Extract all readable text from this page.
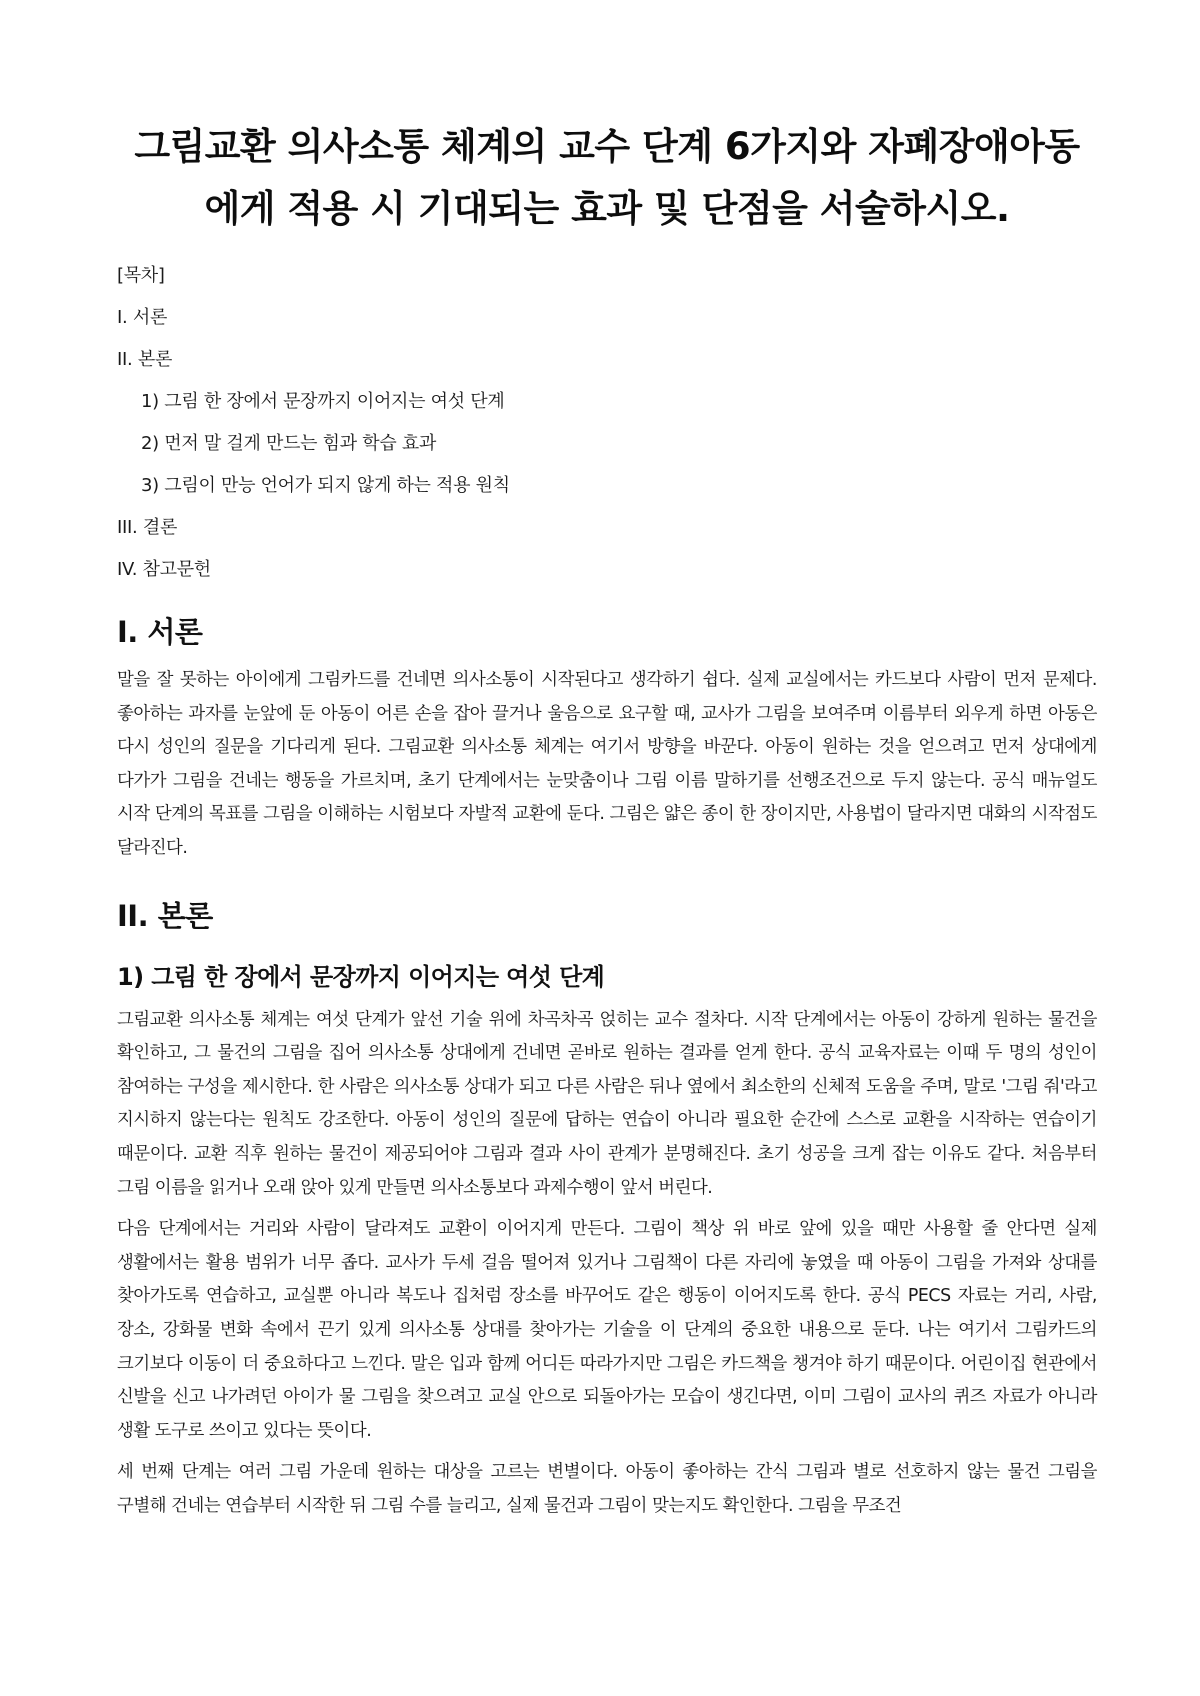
그림교환 의사소통 체계의 교수 단계 6가지와 자폐장애아동에게 적용 시 기대되는 효과 및 단점을 서술하시오.
[목차]
I. 서론
II. 본론
1) 그림 한 장에서 문장까지 이어지는 여섯 단계
2) 먼저 말 걸게 만드는 힘과 학습 효과
3) 그림이 만능 언어가 되지 않게 하는 적용 원칙
III. 결론
IV. 참고문헌
I. 서론

말을 잘 못하는 아이에게 그림카드를 건네면 의사소통이 시작된다고 생각하기 쉽다. 실제 교실에서는 카드보다 사람이 먼저 문제다. 좋아하는 과자를 눈앞에 둔 아동이 어른 손을 잡아 끌거나 울음으로 요구할 때, 교사가 그림을 보여주며 이름부터 외우게 하면 아동은 다시 성인의 질문을 기다리게 된다. 그림교환 의사소통 체계는 여기서 방향을 바꾼다. 아동이 원하는 것을 얻으려고 먼저 상대에게 다가가 그림을 건네는 행동을 가르치며, 초기 단계에서는 눈맞춤이나 그림 이름 말하기를 선행조건으로 두지 않는다. 공식 매뉴얼도 시작 단계의 목표를 그림을 이해하는 시험보다 자발적 교환에 둔다. 그림은 얇은 종이 한 장이지만, 사용법이 달라지면 대화의 시작점도 달라진다.

II. 본론
1) 그림 한 장에서 문장까지 이어지는 여섯 단계

그림교환 의사소통 체계는 여섯 단계가 앞선 기술 위에 차곡차곡 얹히는 교수 절차다. 시작 단계에서는 아동이 강하게 원하는 물건을 확인하고, 그 물건의 그림을 집어 의사소통 상대에게 건네면 곧바로 원하는 결과를 얻게 한다. 공식 교육자료는 이때 두 명의 성인이 참여하는 구성을 제시한다. 한 사람은 의사소통 상대가 되고 다른 사람은 뒤나 옆에서 최소한의 신체적 도움을 주며, 말로 '그림 줘'라고 지시하지 않는다는 원칙도 강조한다. 아동이 성인의 질문에 답하는 연습이 아니라 필요한 순간에 스스로 교환을 시작하는 연습이기 때문이다. 교환 직후 원하는 물건이 제공되어야 그림과 결과 사이 관계가 분명해진다. 초기 성공을 크게 잡는 이유도 같다. 처음부터 그림 이름을 읽거나 오래 앉아 있게 만들면 의사소통보다 과제수행이 앞서 버린다.

다음 단계에서는 거리와 사람이 달라져도 교환이 이어지게 만든다. 그림이 책상 위 바로 앞에 있을 때만 사용할 줄 안다면 실제 생활에서는 활용 범위가 너무 좁다. 교사가 두세 걸음 떨어져 있거나 그림책이 다른 자리에 놓였을 때 아동이 그림을 가져와 상대를 찾아가도록 연습하고, 교실뿐 아니라 복도나 집처럼 장소를 바꾸어도 같은 행동이 이어지도록 한다. 공식 PECS 자료는 거리, 사람, 장소, 강화물 변화 속에서 끈기 있게 의사소통 상대를 찾아가는 기술을 이 단계의 중요한 내용으로 둔다. 나는 여기서 그림카드의 크기보다 이동이 더 중요하다고 느낀다. 말은 입과 함께 어디든 따라가지만 그림은 카드책을 챙겨야 하기 때문이다. 어린이집 현관에서 신발을 신고 나가려던 아이가 물 그림을 찾으려고 교실 안으로 되돌아가는 모습이 생긴다면, 이미 그림이 교사의 퀴즈 자료가 아니라 생활 도구로 쓰이고 있다는 뜻이다.

세 번째 단계는 여러 그림 가운데 원하는 대상을 고르는 변별이다. 아동이 좋아하는 간식 그림과 별로 선호하지 않는 물건 그림을 구별해 건네는 연습부터 시작한 뒤 그림 수를 늘리고, 실제 물건과 그림이 맞는지도 확인한다. 그림을 무조건
